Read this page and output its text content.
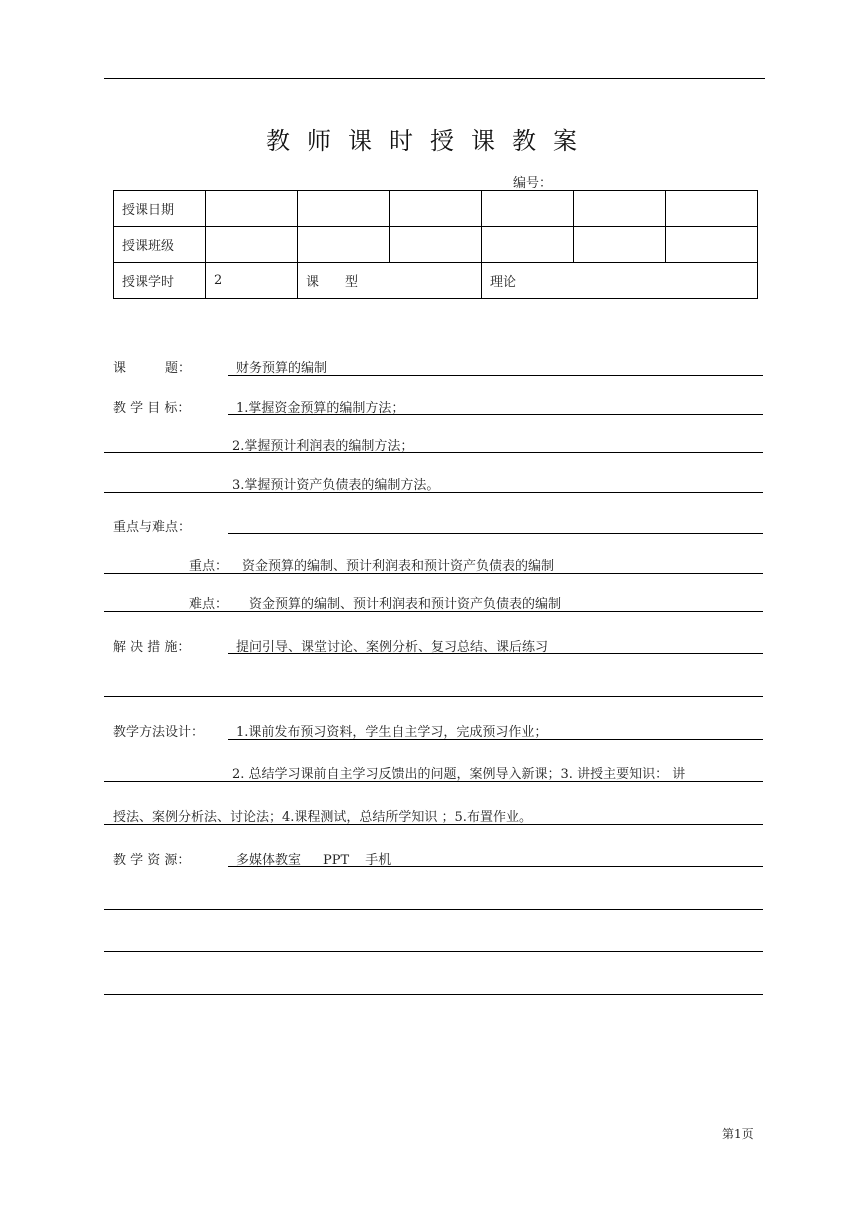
教师课时授课教案
编号：
授课日期						
授课班级						
授课学时	2	课　　型		理论		
课　　　题：	财务预算的编制
教 学 目 标：	1.掌握资金预算的编制方法；
2.掌握预计利润表的编制方法；
3.掌握预计资产负债表的编制方法。
重点与难点：
重点： 资金预算的编制、预计利润表和预计资产负债表的编制
难点： 资金预算的编制、预计利润表和预计资产负债表的编制
解 决 措 施：	提问引导、课堂讨论、案例分析、复习总结、课后练习
教学方法设计： 1.课前发布预习资料，学生自主学习，完成预习作业；
2. 总结学习课前自主学习反馈出的问题，案例导入新课；3. 讲授主要知识： 讲
授法、案例分析法、讨论法；4.课程测试，总结所学知识 ；5.布置作业。
教 学 资 源：	多媒体教室 PPT 手机
第1页
